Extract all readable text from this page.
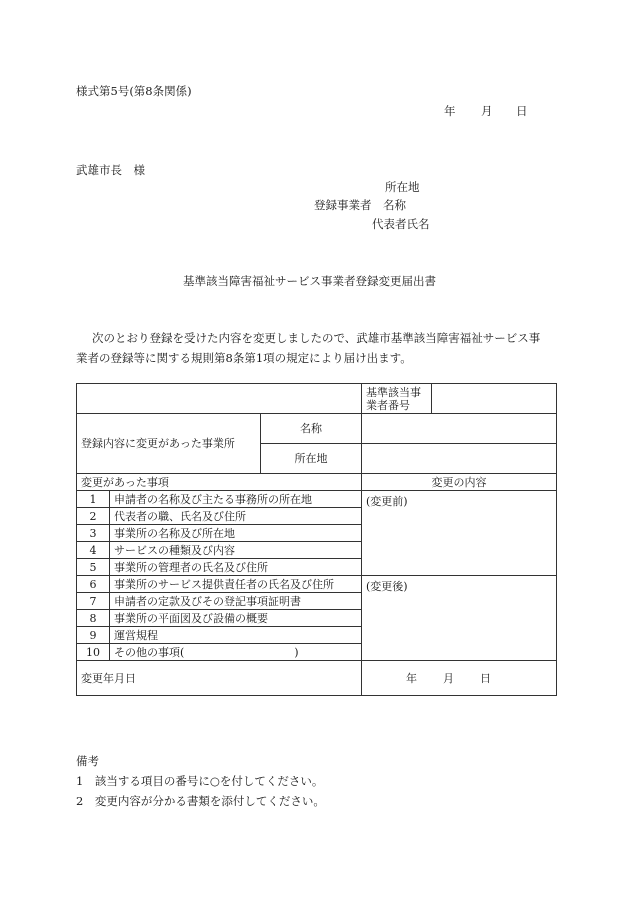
様式第5号(第8条関係)
年 月 日
武雄市長　様
所在地
登録事業者　名称
代表者氏名
基準該当障害福祉サービス事業者登録変更届出書

次のとおり登録を受けた内容を変更しましたので、武雄市基準該当障害福祉サービス事

業者の登録等に関する規則第8条第1項の規定により届け出ます。

			基準該当事業者番号	
登録内容に変更があった事業所		名称		
		所在地		
変更があった事項			変更の内容	
1	申請者の名称及び主たる事務所の所在地		(変更前)	
2	代表者の職、氏名及び住所			
3	事業所の名称及び所在地			
4	サービスの種類及び内容			
5	事業所の管理者の氏名及び住所			
6	事業所のサービス提供責任者の氏名及び住所		(変更後)	
7	申請者の定款及びその登記事項証明書			
8	事業所の平面図及び設備の概要			
9	運営規程			
10	その他の事項(　　　　　　　　　　)			
変更年月日			年 月 日	
備考
1　該当する項目の番号に○を付してください。
2　変更内容が分かる書類を添付してください。
